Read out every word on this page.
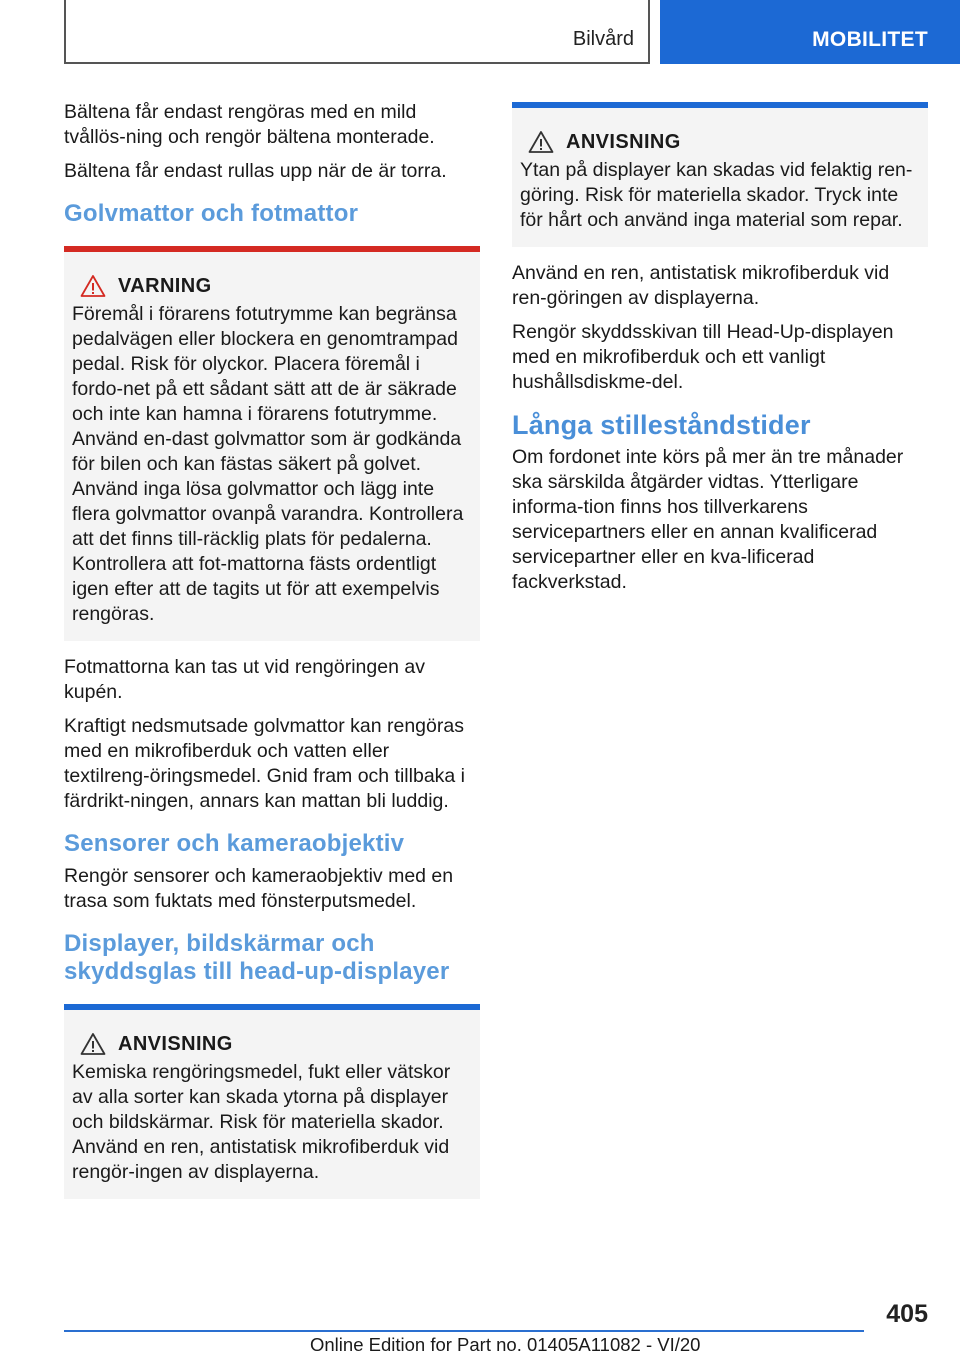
Bilvård	MOBILITET

Bältena får endast rengöras med en mild tvållös-ning och rengör bältena monterade.

Bältena får endast rullas upp när de är torra.

Golvmattor och fotmattor
VARNING

Föremål i förarens fotutrymme kan begränsa pedalvägen eller blockera en genomtrampad pedal. Risk för olyckor. Placera föremål i fordo-net på ett sådant sätt att de är säkrade och inte kan hamna i förarens fotutrymme. Använd en-dast golvmattor som är godkända för bilen och kan fästas säkert på golvet. Använd inga lösa golvmattor och lägg inte flera golvmattor ovanpå varandra. Kontrollera att det finns till-räcklig plats för pedalerna. Kontrollera att fot-mattorna fästs ordentligt igen efter att de tagits ut för att exempelvis rengöras.

Fotmattorna kan tas ut vid rengöringen av kupén.

Kraftigt nedsmutsade golvmattor kan rengöras med en mikrofiberduk och vatten eller textilreng-öringsmedel. Gnid fram och tillbaka i färdrikt-ningen, annars kan mattan bli luddig.

Sensorer och kameraobjektiv

Rengör sensorer och kameraobjektiv med en trasa som fuktats med fönsterputsmedel.

Displayer, bildskärmar och skyddsglas till head-up-displayer
ANVISNING

Kemiska rengöringsmedel, fukt eller vätskor av alla sorter kan skada ytorna på displayer och bildskärmar. Risk för materiella skador. Använd en ren, antistatisk mikrofiberduk vid rengör-ingen av displayerna.

ANVISNING

Ytan på displayer kan skadas vid felaktig ren-göring. Risk för materiella skador. Tryck inte för hårt och använd inga material som repar.

Använd en ren, antistatisk mikrofiberduk vid ren-göringen av displayerna.

Rengör skyddsskivan till Head-Up-displayen med en mikrofiberduk och ett vanligt hushållsdiskme-del.

Långa stilleståndstider

Om fordonet inte körs på mer än tre månader ska särskilda åtgärder vidtas. Ytterligare informa-tion finns hos tillverkarens servicepartners eller en annan kvalificerad servicepartner eller en kva-lificerad fackverkstad.

405
Online Edition for Part no. 01405A11082 - VI/20
